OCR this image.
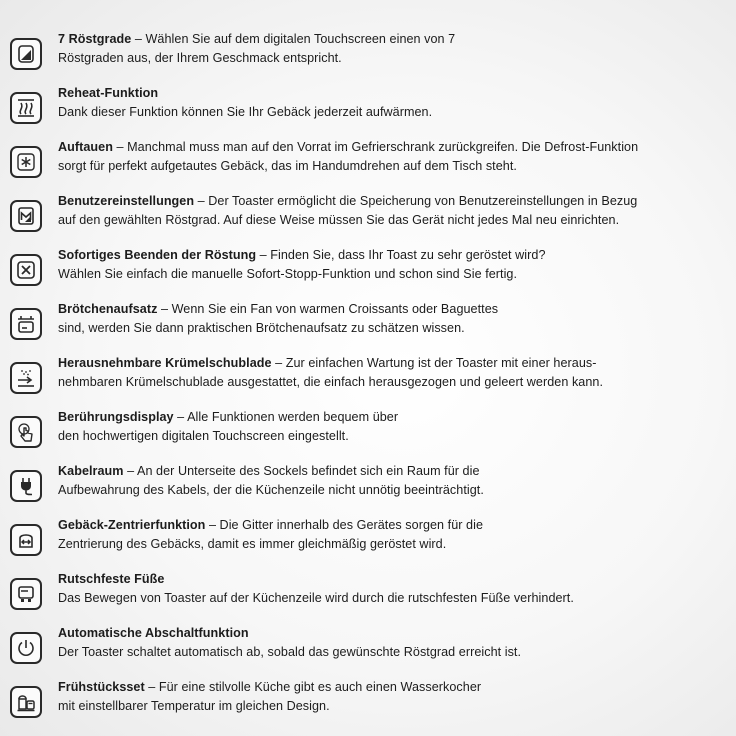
7 Röstgrade – Wählen Sie auf dem digitalen Touchscreen einen von 7
Röstgraden aus, der Ihrem Geschmack entspricht.
Reheat-Funktion
Dank dieser Funktion können Sie Ihr Gebäck jederzeit aufwärmen.
Auftauen – Manchmal muss man auf den Vorrat im Gefrierschrank zurückgreifen. Die Defrost-Funktion
sorgt für perfekt aufgetautes Gebäck, das im Handumdrehen auf dem Tisch steht.
Benutzereinstellungen – Der Toaster ermöglicht die Speicherung von Benutzereinstellungen in Bezug
auf den gewählten Röstgrad. Auf diese Weise müssen Sie das Gerät nicht jedes Mal neu einrichten.
Sofortiges Beenden der Röstung – Finden Sie, dass Ihr Toast zu sehr geröstet wird?
Wählen Sie einfach die manuelle Sofort-Stopp-Funktion und schon sind Sie fertig.
Brötchenaufsatz – Wenn Sie ein Fan von warmen Croissants oder Baguettes
sind, werden Sie dann praktischen Brötchenaufsatz zu schätzen wissen.
Herausnehmbare Krümelschublade – Zur einfachen Wartung ist der Toaster mit einer heraus-
nehmbaren Krümelschublade ausgestattet, die einfach herausgezogen und geleert werden kann.
Berührungsdisplay – Alle Funktionen werden bequem über
den hochwertigen digitalen Touchscreen eingestellt.
Kabelraum – An der Unterseite des Sockels befindet sich ein Raum für die
Aufbewahrung des Kabels, der die Küchenzeile nicht unnötig beeinträchtigt.
Gebäck-Zentrierfunktion – Die Gitter innerhalb des Gerätes sorgen für die
Zentrierung des Gebäcks, damit es immer gleichmäßig geröstet wird.
Rutschfeste Füße
Das Bewegen von Toaster auf der Küchenzeile wird durch die rutschfesten Füße verhindert.
Automatische Abschaltfunktion
Der Toaster schaltet automatisch ab, sobald das gewünschte Röstgrad erreicht ist.
Frühstücksset – Für eine stilvolle Küche gibt es auch einen Wasserkocher
mit einstellbarer Temperatur im gleichen Design.
